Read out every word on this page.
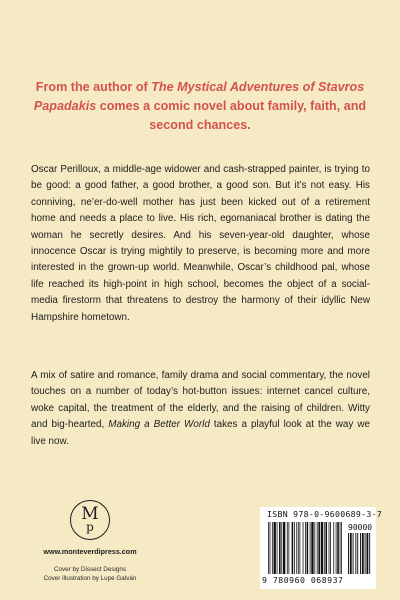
From the author of The Mystical Adventures of Stavros Papadakis comes a comic novel about family, faith, and second chances.

Oscar Perilloux, a middle-age widower and cash-strapped painter, is trying to be good: a good father, a good brother, a good son. But it’s not easy. His conniving, ne’er-do-well mother has just been kicked out of a retirement home and needs a place to live. His rich, egomaniacal brother is dating the woman he secretly desires. And his seven-year-old daughter, whose innocence Oscar is trying mightily to preserve, is becoming more and more interested in the grown-up world. Meanwhile, Oscar’s childhood pal, whose life reached its high-point in high school, becomes the object of a social-media firestorm that threatens to destroy the harmony of their idyllic New Hampshire hometown.

A mix of satire and romance, family drama and social commentary, the novel touches on a number of today’s hot-button issues: internet cancel culture, woke capital, the treatment of the elderly, and the raising of children. Witty and big-hearted, Making a Better World takes a playful look at the way we live now.

M
p
www.monteverdipress.com
Cover by Dissect Designs
Cover illustration by Lupe Galván
ISBN 978-0-9600689-3-7
90000
9 780960 068937
